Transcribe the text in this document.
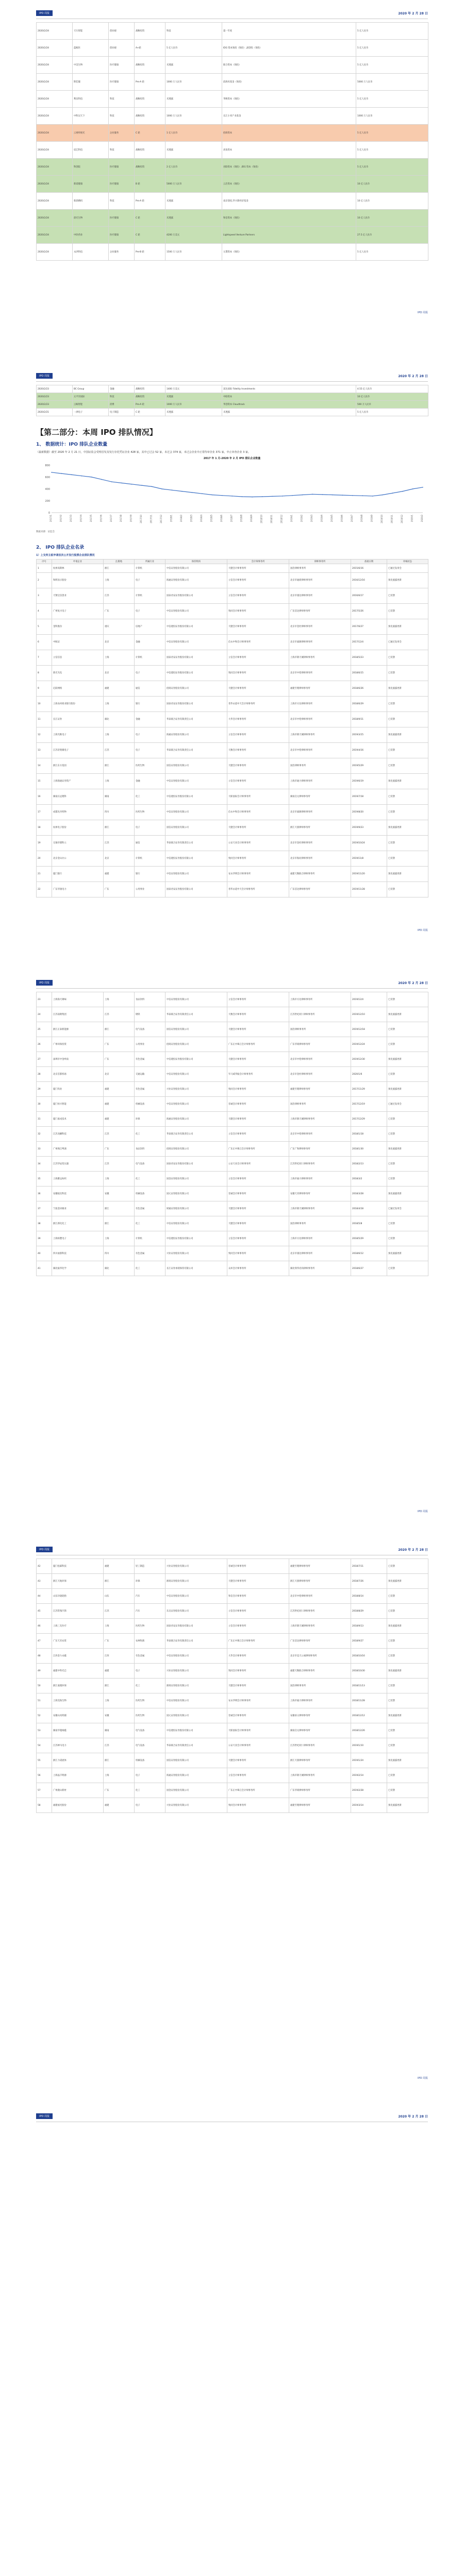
IPO 周报	2020 年 2 月 28 日
2020/2/24	天行智能	创业板	战略投资	科技	超一年度	5 亿人民币
2020/2/24	蓝鲸医	创业板	A+轮	5 亿人民币	IDG 资本领投（领投）,深创投（领投）	5 亿人民币
2020/2/24	中美生物	医疗健康	战略投资	未透露	联合资本（领投）	5 亿人民币
2020/2/24	斯佳服	医疗健康	Pre-A 轮	1000 万人民币	前海母基金（领投）	5000 万人民币
2020/2/24	利昌科技	科技	战略投资	未透露	华映资本（领投）	5 亿人民币
2020/2/24	中科汉天下	科技	战略投资	1000 万人民币	长江小米产业基金	1000 万人民币
2020/2/24	云视听极光	企业服务	C 轮	1 亿人民币	招商资本	5 亿人民币
2020/2/24	宸芯科技	科技	战略投资	未透露	高瓴资本	5 亿人民币
2020/2/24	科创院	医疗健康	战略投资	2 亿人民币	君联资本（领投）,IDG 资本（领投）	5 亿人民币
2020/2/24	新诺健康	医疗健康	B 轮	5000 万人民币	云启资本（领投）	10 亿人民币
2020/2/24	新晨精机	科技	Pre-A 轮	未透露	南京创投,华兴新经济基金	10 亿人民币
2020/2/24	晨光生物	医疗健康	C 轮	未透露	和信资本（领投）	10 亿人民币
2020/2/24	中欣药业	医疗健康	C 轮	4200 万美元	Lightspeed Venture Partners	27.5 亿人民币
2020/2/24	永洪科技	企业服务	Pre-B 轮	1500 万人民币	元璟资本（领投）	5 亿人民币
IPO 周报
IPO 周报	2020 年 2 月 28 日
2020/2/23	BC Group	金融	战略投资	1400 万美元	富达国际 Fidelity Investments	4.55 亿人民币
2020/2/23	太平洋国际	科技	战略投资	未透露	中联资本	10 亿人民币
2020/2/23	云鲸智能	消费	Pre-A 轮	1000 万人民币	华创资本 Cloudtrack	500 万人民币
2020/2/21	一洲电子	电子制造	C 轮	未透露	未透露	5 亿人民币
【第二部分：本周 IPO 排队情况】
1、 数据统计：IPO 排队企业数量
（最新数据）截至 2020 年 2 月 21 日，中国证监会受理首发及发行存托凭证企业 428 家，其中已过会 52 家，未过会 374 家，未过会企业中正常待审企业 371 家，中止审查企业 3 家。
2017 年 1 月-2020 年 2 月 IPO 排队企业数量
0
200
400
600
800
2017/1	2017/2	2017/3	2017/4	2017/5	2017/6	2017/7	2017/8	2017/9	2017/10	2017/11	2017/12	2018/1	2018/2	2018/3	2018/4	2018/5	2018/6	2018/7	2018/8	2018/9	2018/10	2018/11	2018/12	2019/1	2019/2	2019/3	2019/4	2019/5	2019/6	2019/7	2019/8	2019/9	2019/10	2019/11	2019/12	2020/1	2020/2
数据来源：证监会
2、 IPO 排队企业名录
1）上交所主板申请首次公开发行股票企业排队情况
序号	申请企业	注册地	所属行业	保荐机构	会计师事务所	律师事务所	备案日期	审核状态
1	杭州高斯林	浙江	计算机	中信证券股份有限公司	天健会计师事务所	国浩律师事务所	2015/6/16	已通过发审会
2	和辉显示股份	上海	电子	海通证券股份有限公司	立信会计师事务所	北京市通商律师事务所	2016/12/16	预先披露更新
3	天翔宝信创业	江苏	计算机	国泰君安证券股份有限公司	立信会计师事务所	北京市康达律师事务所	2016/6/17	已反馈
4	广州复兴电子	广东	电子	中信证券股份有限公司	致同会计师事务所	广东信达律师事务所	2017/5/26	已反馈
5	金科股份	重庆	房地产	中信建投证券股份有限公司	天健会计师事务所	北京市金杜律师事务所	2017/6/27	预先披露更新
6	中航证	北京	金融	中信证券股份有限公司	信永中和会计师事务所	北京市嘉源律师事务所	2017/12/4	已通过发审会
7	立信信息	上海	计算机	国泰君安证券股份有限公司	立信会计师事务所	上海市锦天城律师事务所	2018/5/23	已反馈
8	新光光电	北京	电子	中信建投证券股份有限公司	致同会计师事务所	北京市中伦律师事务所	2018/6/15	已反馈
9	亿联网络	福建	通信	招商证券股份有限公司	天健会计师事务所	福建至理律师事务所	2018/6/26	预先披露更新
10	上海农村商业银行股份	上海	银行	国泰君安证券股份有限公司	普华永道中天会计师事务所	上海市方达律师事务所	2018/6/29	已反馈
11	长江证券	湖北	金融	华泰联合证券有限责任公司	大华会计师事务所	北京市中伦律师事务所	2018/9/11	已反馈
12	上海光维电子	上海	电子	海通证券股份有限公司	立信会计师事务所	上海市锦天城律师事务所	2019/3/15	预先披露更新
13	江苏帝奥微电子	江苏	电子	华泰联合证券有限责任公司	天衡会计师事务所	北京市中伦律师事务所	2019/4/16	已反馈
14	浙江东方基因	浙江	医药生物	国信证券股份有限公司	天健会计师事务所	国浩律师事务所	2019/5/29	已反馈
15	上海海通证券资产	上海	金融	中信证券股份有限公司	立信会计师事务所	上海市通力律师事务所	2019/6/19	预先披露更新
16	湖南长远锂科	湖南	化工	中信建投证券股份有限公司	天职国际会计师事务所	湖南启元律师事务所	2019/7/18	已反馈
17	成都先导药物	四川	医药生物	中信证券股份有限公司	信永中和会计师事务所	北京市嘉源律师事务所	2019/8/20	已反馈
18	杭州电子股份	浙江	电子	国信证券股份有限公司	天健会计师事务所	浙江天册律师事务所	2019/9/23	预先披露更新
19	无锡市德科立	江苏	通信	华泰联合证券有限责任公司	公证天业会计师事务所	北京市金杜律师事务所	2019/10/24	已反馈
20	北京金山办公	北京	计算机	中信建投证券股份有限公司	致同会计师事务所	北京市海问律师事务所	2019/11/8	已反馈
21	厦门银行	福建	银行	中信证券股份有限公司	安永华明会计师事务所	福建天衡联合律师事务所	2019/11/20	预先披露更新
22	广东华润电力	广东	公用事业	国泰君安证券股份有限公司	普华永道中天会计师事务所	广东信达律师事务所	2019/11/28	已反馈
IPO 周报
IPO 周报	2020 年 2 月 28 日
23	上海海天调味	上海	食品饮料	中信证券股份有限公司	立信会计师事务所	上海市方达律师事务所	2019/12/4	已反馈
24	江苏南钢集团	江苏	钢铁	华泰联合证券有限责任公司	天衡会计师事务所	江苏世纪同仁律师事务所	2019/12/10	预先披露更新
25	浙江正泰新能源	浙江	电气设备	国信证券股份有限公司	天健会计师事务所	国浩律师事务所	2019/12/18	已反馈
26	广州环保投资	广东	公用事业	招商证券股份有限公司	广东正中珠江会计师事务所	广东华商律师事务所	2019/12/24	已反馈
27	深圳市中金岭南	广东	有色金属	中信建投证券股份有限公司	天健会计师事务所	北京市中伦律师事务所	2019/12/30	预先披露更新
28	北京首都机场	北京	交通运输	中信证券股份有限公司	毕马威华振会计师事务所	北京市金杜律师事务所	2020/1/6	已反馈
29	厦门钨业	福建	有色金属	兴业证券股份有限公司	致同会计师事务所	福建至理律师事务所	2017/11/29	预先披露更新
30	厦门恒兴智能	福建	机械设备	中信证券股份有限公司	容诚会计师事务所	国浩律师事务所	2017/12/19	已通过发审会
31	厦门嘉戎技术	福建	环保	海通证券股份有限公司	天健会计师事务所	上海市锦天城律师事务所	2017/12/29	已反馈
32	江苏龙蟠科技	江苏	化工	华泰联合证券有限责任公司	立信会计师事务所	北京市中伦律师事务所	2018/1/18	已反馈
33	广州珠江啤酒	广东	食品饮料	招商证券股份有限公司	广东正中珠江会计师事务所	广东广和律师事务所	2018/1/30	预先披露更新
34	江苏华辰变压器	江苏	电气设备	国泰君安证券股份有限公司	公证天业会计师事务所	江苏世纪同仁律师事务所	2018/2/13	已反馈
35	上海雅运纺织	上海	化工	国金证券股份有限公司	立信会计师事务所	上海市通力律师事务所	2018/3/2	已反馈
36	安徽皖仪科技	安徽	机械设备	国元证券股份有限公司	容诚会计师事务所	安徽天禾律师事务所	2018/3/28	预先披露更新
37	宁波金田铜业	浙江	有色金属	财通证券股份有限公司	天健会计师事务所	上海市锦天城律师事务所	2018/4/18	已通过发审会
38	浙江新化化工	浙江	化工	中信证券股份有限公司	天健会计师事务所	国浩律师事务所	2018/5/8	已反馈
39	上海柏楚电子	上海	计算机	中信建投证券股份有限公司	立信会计师事务所	上海市方达律师事务所	2018/5/29	已反馈
40	四川福蓉科技	四川	有色金属	兴业证券股份有限公司	致同会计师事务所	北京市康达律师事务所	2018/6/12	预先披露更新
41	湖北振华化学	湖北	化工	长江证券承销保荐有限公司	众环会计师事务所	湖北得伟君尚律师事务所	2018/6/27	已反馈
IPO 周报
IPO 周报	2020 年 2 月 28 日
42	厦门松霖科技	福建	轻工制造	兴业证券股份有限公司	容诚会计师事务所	福建至理律师事务所	2018/7/11	已反馈
43	浙江天地环保	浙江	环保	浙商证券股份有限公司	天健会计师事务所	浙江天册律师事务所	2018/7/26	预先披露更新
44	山东玲珑轮胎	山东	汽车	中信证券股份有限公司	和信会计师事务所	北京市中伦律师事务所	2018/8/14	已反馈
45	江苏常熟汽饰	江苏	汽车	东吴证券股份有限公司	立信会计师事务所	江苏世纪同仁律师事务所	2018/8/29	已反馈
46	上海三友医疗	上海	医药生物	国泰君安证券股份有限公司	立信会计师事务所	上海市锦天城律师事务所	2018/9/13	预先披露更新
47	广东天禾农资	广东	农林牧渔	华泰联合证券有限责任公司	广东正中珠江会计师事务所	广东信达律师事务所	2018/9/27	已反馈
48	江西金力永磁	江西	有色金属	中信证券股份有限公司	大华会计师事务所	北京市竞天公诚律师事务所	2018/10/16	已反馈
49	福建中科光芯	福建	电子	兴业证券股份有限公司	致同会计师事务所	福建天衡联合律师事务所	2018/10/30	预先披露更新
50	浙江嘉澳环保	浙江	化工	浙商证券股份有限公司	天健会计师事务所	国浩律师事务所	2018/11/13	已反馈
51	上海昊海生物	上海	医药生物	中信证券股份有限公司	安永华明会计师事务所	上海市通力律师事务所	2018/11/28	已反馈
52	安徽山河药辅	安徽	医药生物	国元证券股份有限公司	容诚会计师事务所	安徽承义律师事务所	2018/12/12	预先披露更新
53	湖南华菱线缆	湖南	电气设备	中信建投证券股份有限公司	天职国际会计师事务所	湖南启元律师事务所	2018/12/26	已反馈
54	江苏神马电力	江苏	电气设备	华泰联合证券有限责任公司	公证天业会计师事务所	江苏世纪同仁律师事务所	2019/1/10	已反馈
55	浙江力诺流体	浙江	机械设备	国信证券股份有限公司	天健会计师事务所	浙江天册律师事务所	2019/1/24	预先披露更新
56	上海晶丰明源	上海	电子	海通证券股份有限公司	立信会计师事务所	上海市锦天城律师事务所	2019/2/14	已反馈
57	广州鹿山新材	广东	化工	国金证券股份有限公司	广东正中珠江会计师事务所	广东华商律师事务所	2019/2/28	已反馈
58	福建福光股份	福建	电子	兴业证券股份有限公司	致同会计师事务所	福建至理律师事务所	2019/3/14	预先披露更新
IPO 周报
IPO 周报	2020 年 2 月 28 日
